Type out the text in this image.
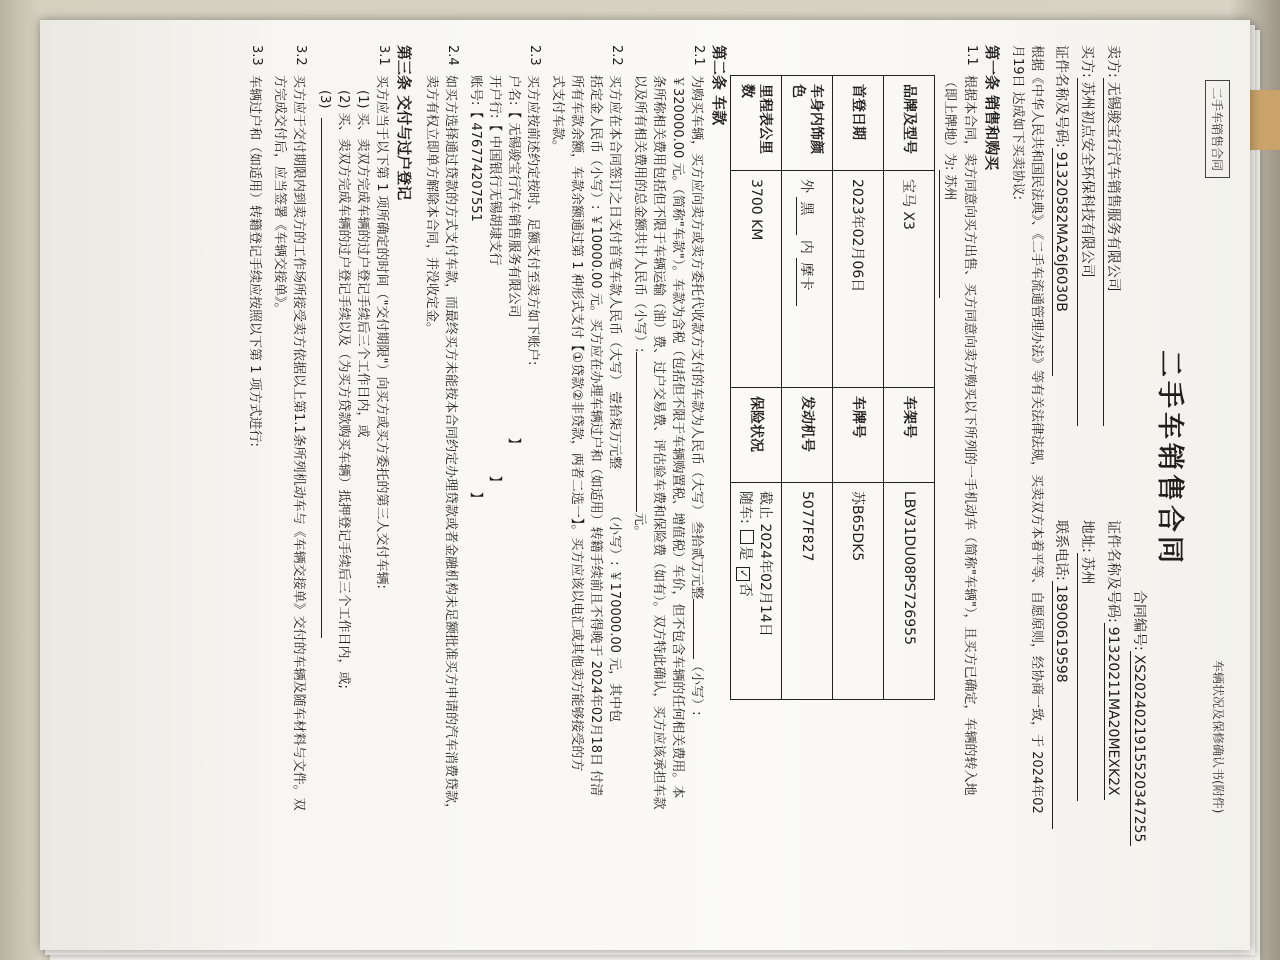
二手车销售合同
车辆状况及保修确认书(附件)
二手车销售合同
合同编号:XS2024021915520347255
卖方:无锡骏宝行汽车销售服务有限公司
证件名称及号码:91320211MA20MEXK2X
买方:苏州初点安全环保科技有限公司
地址:苏州
证件名称及号码:91320582MA26J6030B
联系电话:18900619598
根据《中华人民共和国民法典》、《二手车流通管理办法》等有关法律法规，买卖双方本着平等、自愿原则，经协商一致，于 2024年02
月19日 达成如下买卖协议:
第一条 销售和购买
1.1
根据本合同，卖方同意向买方出售、买方同意向卖方购买以下所列的一手机动车（简称"车辆"），且买方已确定，车辆的转入地
（即上牌地）为:苏州
品牌及型号	宝马 X3	车架号	LBV31DU08PS726955
首登日期	2023年02月06日	车牌号	苏B65DK5
车身内饰颜色	外 黑 内 摩卡	发动机号	5077F827
里程表公里数	3700 KM	保险状况	截止 2024年02月14日
随车: 是 ✓否
第二条 车款
2.1
为购买车辆，买方应向卖方或卖方委托代收款方支付的车款为人民币（大写） 叁拾贰万元整（小写）:
￥320000.00 元。（简称"车款"）。车款为含税（包括但不限于车辆购置税、增值税）车价，但不包含车辆的任何相关费用。本
条所称相关费用包括但不限于车辆运输（油）费、过户交易费、评估验车费和保险费（如有）。双方特此确认，买方应该承担车款
以及所有相关费用的总金额共计人民币（小写）:元。
2.2
买方应在本合同签订之日支付首笔车款人民币（大写） 壹拾柒万元整（小写）: ￥170000.00 元，其中包
括定金人民币（小写）: ￥10000.00 元。买方应在办理车辆过户和（如适用）转籍手续前且不得晚于 2024年02月18日 付清
所有车款余额，车款余额通过第 1 种形式支付【①贷款②非贷款，两者二选一】。买方应该以电汇或其他卖方能够接受的方
式支付车款。
2.3
买方应按前述约定按时、足额支付至卖方如下账户:
户名:【 无锡骏宝行汽车销售服务有限公司】
开户行:【 中国银行无锡胡埭支行】
账号:【 476774207551】
2.4
如买方选择通过贷款的方式支付车款，而最终买方未能按本合同约定办理贷款或者金融机构未足额批准买方申请的汽车消费贷款，
卖方有权立即单方解除本合同，并没收定金。
第三条 交付与过户登记
3.1
买方应当于以下第 1 项所确定的时间（"交付期限"）向买方或买方委托的第三人交付车辆:
(1) 买、卖双方完成车辆的过户登记手续后三个工作日内，或
(2) 买、卖双方完成车辆的过户登记手续以及（为买方贷款购买车辆）抵押登记手续后三个工作日内，或;
(3)
3.2
买方应于交付期限内到卖方的工作场所接受卖方依据以上第1.1条所列机动车与《车辆交接单》交付的车辆及随车材料与文件。双
方完成交付后，应当签署《车辆交接单》。
3.3
车辆过户和（如适用）转籍登记手续应按照以下第 1 项方式进行:
